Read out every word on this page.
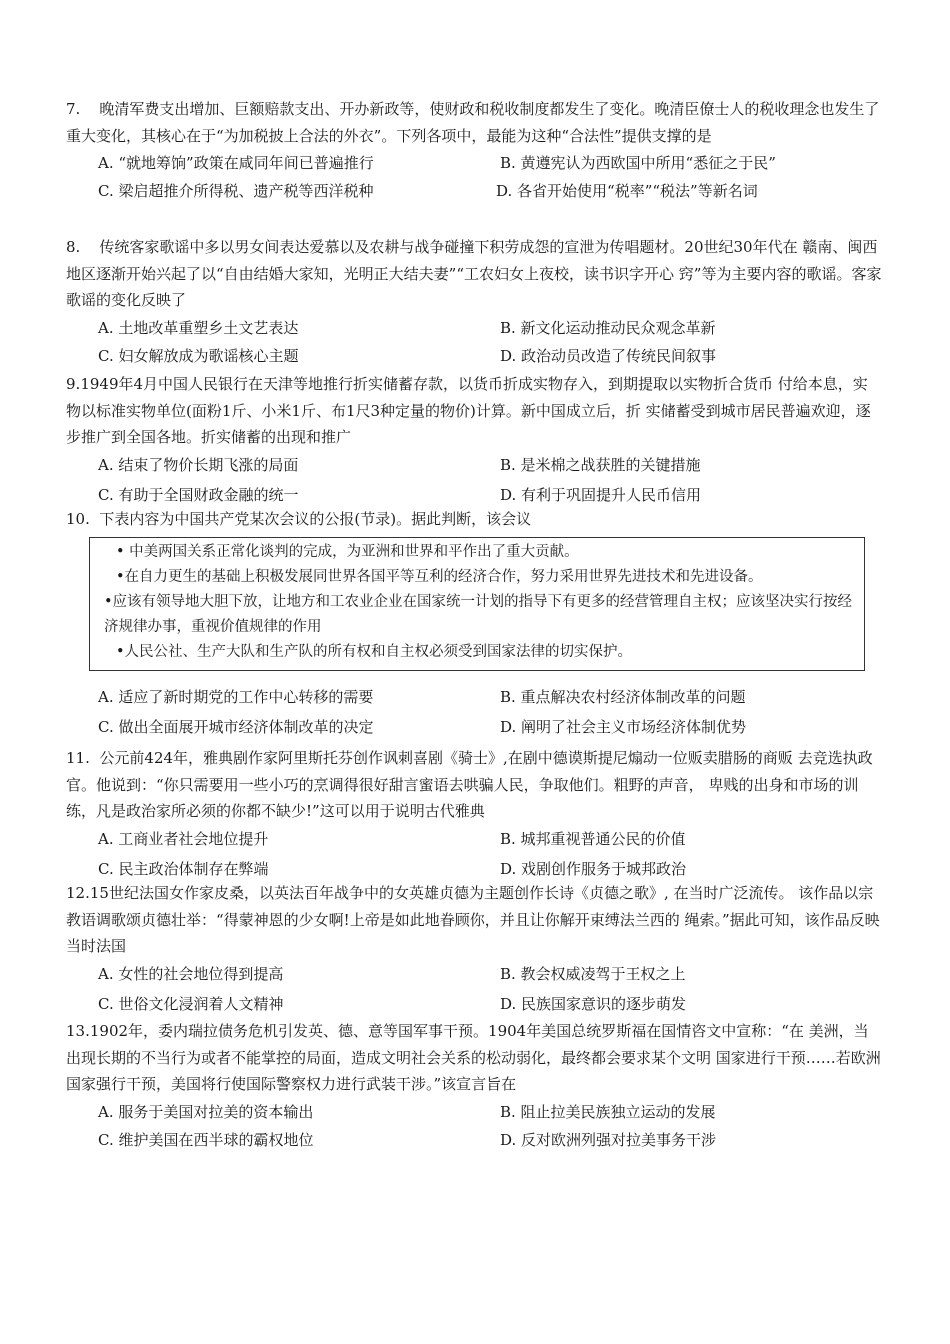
7. 晚清军费支出增加、巨额赔款支出、开办新政等，使财政和税收制度都发生了变化。晚清臣僚士人的税收理念也发生了重大变化，其核心在于“为加税披上合法的外衣”。下列各项中，最能为这种“合法性”提供支撑的是

A. “就地筹饷”政策在咸同年间已普遍推行	B. 黄遵宪认为西欧国中所用“悉征之于民”
C. 梁启超推介所得税、遗产税等西洋税种	D. 各省开始使用“税率”“税法”等新名词

8. 传统客家歌谣中多以男女间表达爱慕以及农耕与战争碰撞下积劳成怨的宣泄为传唱题材。20世纪30年代在 赣南、闽西地区逐渐开始兴起了以“自由结婚大家知，光明正大结夫妻”“工农妇女上夜校，读书识字开心 窍”等为主要内容的歌谣。客家歌谣的变化反映了

A. 土地改革重塑乡土文艺表达	B. 新文化运动推动民众观念革新
C. 妇女解放成为歌谣核心主题	D. 政治动员改造了传统民间叙事

9.1949年4月中国人民银行在天津等地推行折实储蓄存款，以货币折成实物存入，到期提取以实物折合货币 付给本息，实物以标准实物单位(面粉1斤、小米1斤、布1尺3种定量的物价)计算。新中国成立后，折 实储蓄受到城市居民普遍欢迎，逐步推广到全国各地。折实储蓄的出现和推广

A. 结束了物价长期飞涨的局面	B. 是米棉之战获胜的关键措施
C. 有助于全国财政金融的统一	D. 有利于巩固提升人民币信用

10. 下表内容为中国共产党某次会议的公报(节录)。据此判断，该会议

• 中美两国关系正常化谈判的完成，为亚洲和世界和平作出了重大贡献。

•在自力更生的基础上积极发展同世界各国平等互利的经济合作，努力采用世界先进技术和先进设备。

•应该有领导地大胆下放，让地方和工农业企业在国家统一计划的指导下有更多的经营管理自主权；应该坚决实行按经济规律办事，重视价值规律的作用

•人民公社、生产大队和生产队的所有权和自主权必须受到国家法律的切实保护。

A. 适应了新时期党的工作中心转移的需要	B. 重点解决农村经济体制改革的问题
C. 做出全面展开城市经济体制改革的决定	D. 阐明了社会主义市场经济体制优势

11. 公元前424年，雅典剧作家阿里斯托芬创作讽刺喜剧《骑士》,在剧中德谟斯提尼煽动一位贩卖腊肠的商贩 去竞选执政官。他说到：“你只需要用一些小巧的烹调得很好甜言蜜语去哄骗人民，争取他们。粗野的声音， 卑贱的出身和市场的训练，凡是政治家所必须的你都不缺少!”这可以用于说明古代雅典

A. 工商业者社会地位提升	B. 城邦重视普通公民的价值
C. 民主政治体制存在弊端	D. 戏剧创作服务于城邦政治

12.15世纪法国女作家皮桑，以英法百年战争中的女英雄贞德为主题创作长诗《贞德之歌》, 在当时广泛流传。 该作品以宗教语调歌颂贞德壮举：“得蒙神恩的少女啊!上帝是如此地眷顾你，并且让你解开束缚法兰西的 绳索。”据此可知，该作品反映当时法国

A. 女性的社会地位得到提高	B. 教会权威凌驾于王权之上
C. 世俗文化浸润着人文精神	D. 民族国家意识的逐步萌发

13.1902年，委内瑞拉债务危机引发英、德、意等国军事干预。1904年美国总统罗斯福在国情咨文中宣称：“在 美洲，当出现长期的不当行为或者不能掌控的局面，造成文明社会关系的松动弱化，最终都会要求某个文明 国家进行干预……若欧洲国家强行干预，美国将行使国际警察权力进行武装干涉。”该宣言旨在

A. 服务于美国对拉美的资本输出	B. 阻止拉美民族独立运动的发展
C. 维护美国在西半球的霸权地位	D. 反对欧洲列强对拉美事务干涉
